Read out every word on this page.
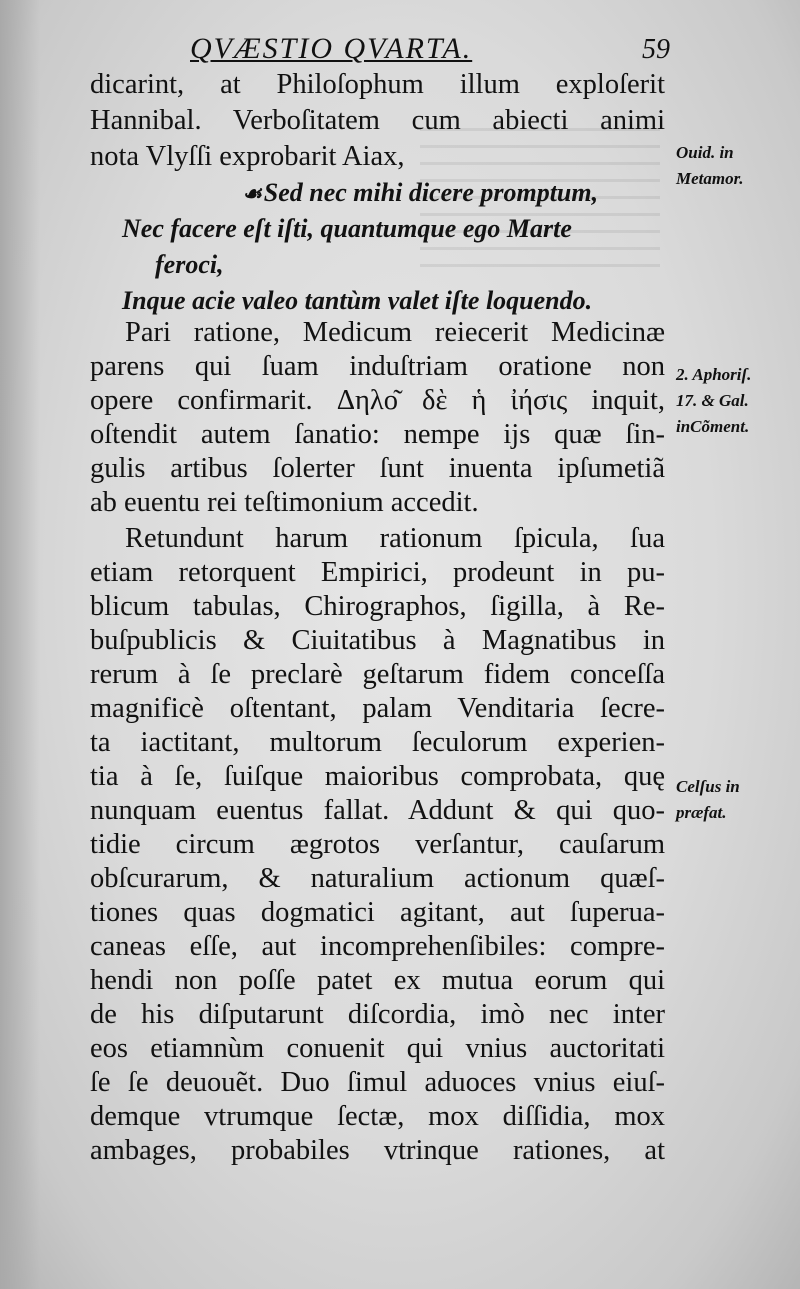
QVÆSTIO QVARTA.	59
dicarint, at Philoſophum illum exploſerit
Hannibal. Verboſitatem cum abiecti animi
nota Vlyſſi exprobarit Aiax,
☙Sed nec mihi dicere promptum,
Nec facere eſt iſti, quantumque ego Marte
feroci,
Inque acie valeo tantùm valet iſte loquendo.
Pari ratione, Medicum reiecerit Medicinæ
parens qui ſuam induſtriam oratione non
opere confirmarit. Δηλο͂ δὲ ἡ ἰήσις inquit,
oſtendit autem ſanatio: nempe ijs quæ ſin-
gulis artibus ſolerter ſunt inuenta ipſumetiã
ab euentu rei teſtimonium accedit.
Retundunt harum rationum ſpicula, ſua
etiam retorquent Empirici, prodeunt in pu-
blicum tabulas, Chirographos, ſigilla, à Re-
buſpublicis & Ciuitatibus à Magnatibus in
rerum à ſe preclarè geſtarum fidem conceſſa
magnificè oſtentant, palam Venditaria ſecre-
ta iactitant, multorum ſeculorum experien-
tia à ſe, ſuiſque maioribus comprobata, quę
nunquam euentus fallat. Addunt & qui quo-
tidie circum ægrotos verſantur, cauſarum
obſcurarum, & naturalium actionum quæſ-
tiones quas dogmatici agitant, aut ſuperua-
caneas eſſe, aut incomprehenſibiles: compre-
hendi non poſſe patet ex mutua eorum qui
de his diſputarunt diſcordia, imò nec inter
eos etiamnùm conuenit qui vnius auctoritati
ſe ſe deuouẽt. Duo ſimul aduoces vnius eiuſ-
demque vtrumque ſectæ, mox diſſidia, mox
ambages, probabiles vtrinque rationes, at
Ouid. in
Metamor.
2. Aphoriſ.
17. & Gal.
inCõment.
Celſus in
præfat.
